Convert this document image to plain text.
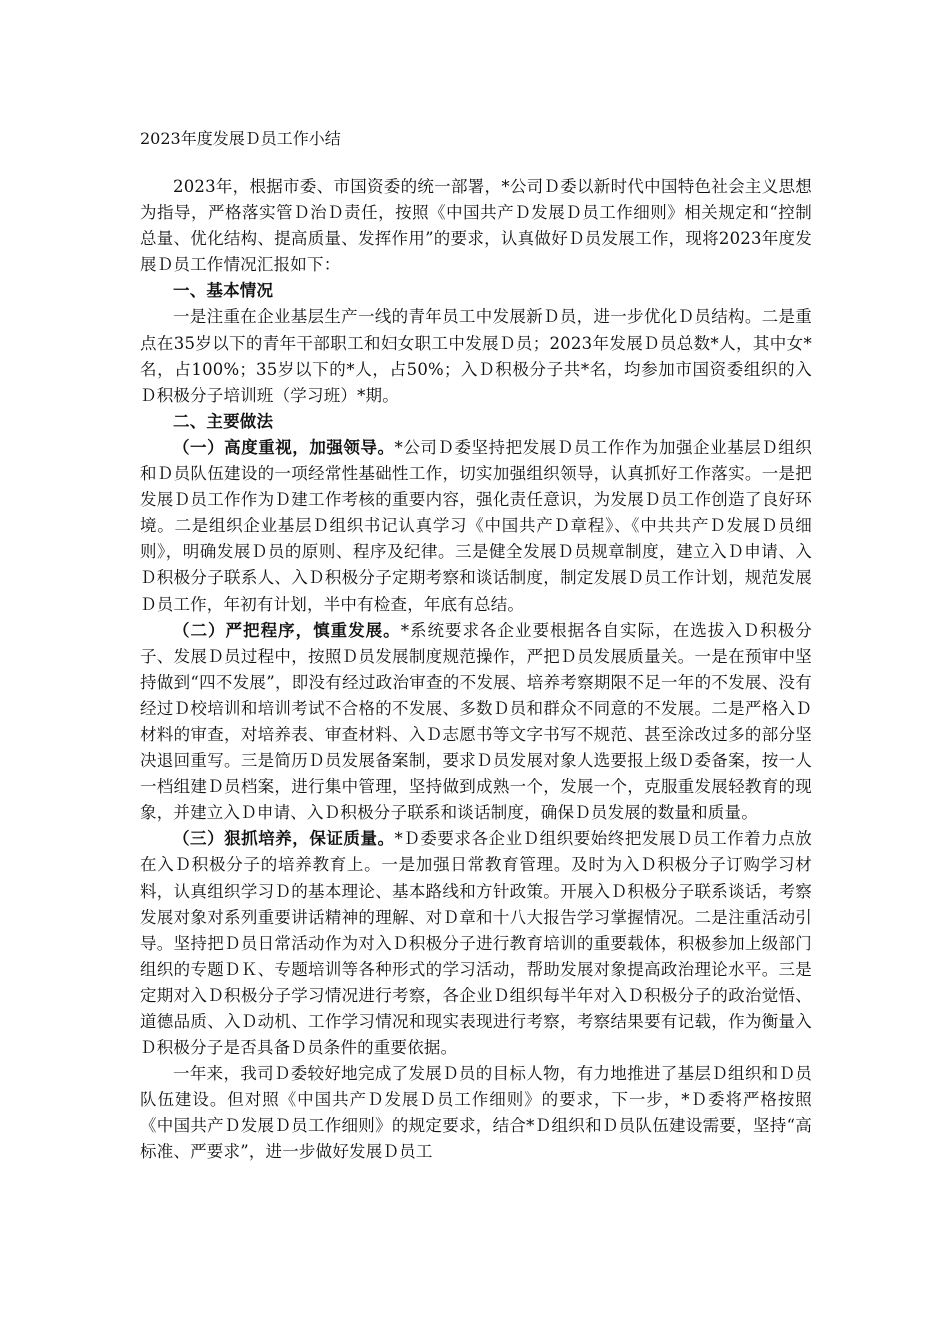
2023年度发展Ｄ员工作小结

2023年，根据市委、市国资委的统一部署，*公司Ｄ委以新时代中国特色社会主义思想为指导，严格落实管Ｄ治Ｄ责任，按照《中国共产Ｄ发展Ｄ员工作细则》相关规定和“控制总量、优化结构、提高质量、发挥作用”的要求，认真做好Ｄ员发展工作，现将2023年度发展Ｄ员工作情况汇报如下：

一、基本情况

一是注重在企业基层生产一线的青年员工中发展新Ｄ员，进一步优化Ｄ员结构。二是重点在35岁以下的青年干部职工和妇女职工中发展Ｄ员；2023年发展Ｄ员总数*人，其中女*名，占100%；35岁以下的*人，占50%；入Ｄ积极分子共*名，均参加市国资委组织的入Ｄ积极分子培训班（学习班）*期。

二、主要做法

（一）高度重视，加强领导。*公司Ｄ委坚持把发展Ｄ员工作作为加强企业基层Ｄ组织和Ｄ员队伍建设的一项经常性基础性工作，切实加强组织领导，认真抓好工作落实。一是把发展Ｄ员工作作为Ｄ建工作考核的重要内容，强化责任意识，为发展Ｄ员工作创造了良好环境。二是组织企业基层Ｄ组织书记认真学习《中国共产Ｄ章程》、《中共共产Ｄ发展Ｄ员细则》，明确发展Ｄ员的原则、程序及纪律。三是健全发展Ｄ员规章制度，建立入Ｄ申请、入Ｄ积极分子联系人、入Ｄ积极分子定期考察和谈话制度，制定发展Ｄ员工作计划，规范发展Ｄ员工作，年初有计划，半中有检查，年底有总结。

（二）严把程序，慎重发展。*系统要求各企业要根据各自实际，在选拔入Ｄ积极分子、发展Ｄ员过程中，按照Ｄ员发展制度规范操作，严把Ｄ员发展质量关。一是在预审中坚持做到“四不发展”，即没有经过政治审查的不发展、培养考察期限不足一年的不发展、没有经过Ｄ校培训和培训考试不合格的不发展、多数Ｄ员和群众不同意的不发展。二是严格入Ｄ材料的审查，对培养表、审查材料、入Ｄ志愿书等文字书写不规范、甚至涂改过多的部分坚决退回重写。三是简历Ｄ员发展备案制，要求Ｄ员发展对象人选要报上级Ｄ委备案，按一人一档组建Ｄ员档案，进行集中管理，坚持做到成熟一个，发展一个，克服重发展轻教育的现象，并建立入Ｄ申请、入Ｄ积极分子联系和谈话制度，确保Ｄ员发展的数量和质量。

（三）狠抓培养，保证质量。*Ｄ委要求各企业Ｄ组织要始终把发展Ｄ员工作着力点放在入Ｄ积极分子的培养教育上。一是加强日常教育管理。及时为入Ｄ积极分子订购学习材料，认真组织学习Ｄ的基本理论、基本路线和方针政策。开展入Ｄ积极分子联系谈话，考察发展对象对系列重要讲话精神的理解、对Ｄ章和十八大报告学习掌握情况。二是注重活动引导。坚持把Ｄ员日常活动作为对入Ｄ积极分子进行教育培训的重要载体，积极参加上级部门组织的专题ＤＫ、专题培训等各种形式的学习活动，帮助发展对象提高政治理论水平。三是定期对入Ｄ积极分子学习情况进行考察，各企业Ｄ组织每半年对入Ｄ积极分子的政治觉悟、道德品质、入Ｄ动机、工作学习情况和现实表现进行考察，考察结果要有记载，作为衡量入Ｄ积极分子是否具备Ｄ员条件的重要依据。

一年来，我司Ｄ委较好地完成了发展Ｄ员的目标人物，有力地推进了基层Ｄ组织和Ｄ员队伍建设。但对照《中国共产Ｄ发展Ｄ员工作细则》的要求，下一步，*Ｄ委将严格按照《中国共产Ｄ发展Ｄ员工作细则》的规定要求，结合*Ｄ组织和Ｄ员队伍建设需要，坚持“高标准、严要求”，进一步做好发展Ｄ员工
